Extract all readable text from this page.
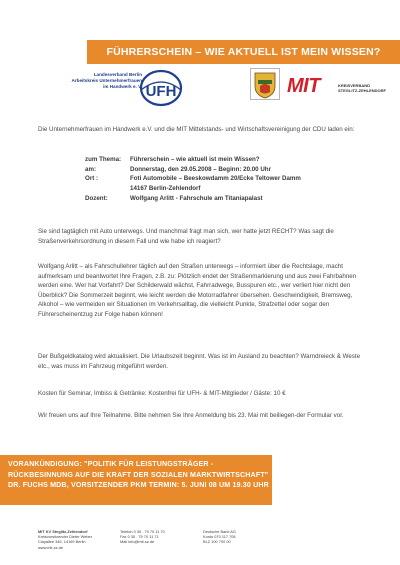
FÜHRERSCHEIN – WIE AKTUELL IST MEIN WISSEN?
Landesverband Berlin
Arbeitskreis Unternehmerfrauen
im Handwerk e. V. UFH	MIT	KREISVERBAND
STEGLITZ-ZEHLENDORF
Die Unternehmerfrauen im Handwerk e.V. und die MIT Mittelstands- und Wirtschaftsvereinigung der CDU laden ein:
zum Thema:	Führerschein – wie aktuell ist mein Wissen?
am:	Donnerstag, den 29.05.2008 – Beginn: 20.00 Uhr
Ort :	Foti Automobile – Beeskowdamm 20/Ecke Teltower Damm
	14167 Berlin-Zehlendorf
Dozent:	Wolfgang Arlitt - Fahrschule am Titaniapalast
Sie sind tagtäglich mit Auto unterwegs. Und manchmal fragt man sich, wer hatte jetzt RECHT? Was sagt die Straßenverkehrsordnung in diesem Fall und wie habe ich reagiert?
Wolfgang Arlitt – als Fahrschullehrer täglich auf den Straßen unterwegs – informiert über die Rechtslage, macht aufmerksam und beantwortet Ihre Fragen, z.B. zu: Plötzlich endet der Straßenmarkierung und aus zwei Fahrbahnen werden eine. Wer hat Vorfahrt? Der Schilderwald wächst, Fahrradwege, Busspuren etc., wer verliert hier nicht den Überblick? Die Sommerzeit beginnt, wie leicht werden die Motorradfahrer übersehen. Geschwindigkeit, Bremsweg, Alkohol – wie vermeiden wir Situationen im Verkehrsalltag, die vielleicht Punkte, Strafzettel oder sogar den Führerscheinentzug zur Folge haben können!
Der Bußgeldkatalog wird aktualisiert. Die Urlaubszeit beginnt. Was ist im Ausland zu beachten? Warndreieck & Weste etc., was muss im Fahrzeug mitgeführt werden.
Kosten für Seminar, Imbiss & Getränke: Kostenfrei für UFH- & MIT-Mitglieder / Gäste: 10 €
Wir freuen uns auf Ihre Teilnahme. Bitte nehmen Sie Ihre Anmeldung bis 23. Mai mit beiliegen-der Formular vor.
VORANKÜNDIGUNG: "POLITIK FÜR LEISTUNGSTRÄGER - RÜCKBESINNUNG AUF DIE KRAFT DER SOZIALEN MARKTWIRTSCHAFT" DR. FUCHS MDB, VORSITZENDER PKM TERMIN: 5. JUNI 08 UM 19.30 UHR
MIT KV Steglitz-Zehlendorf
Kreisvorsitzender Dieter Weber
Clayallee 345, 14169 Berlin
www.mit-sz.de
Telefon 0 30 . 79 70 11 70
Fax 0 30 . 79 70 11 71
Mail info@mit-sz.de
Deutsche Bank AG
Konto 070 117 706
BLZ 100 700 00
